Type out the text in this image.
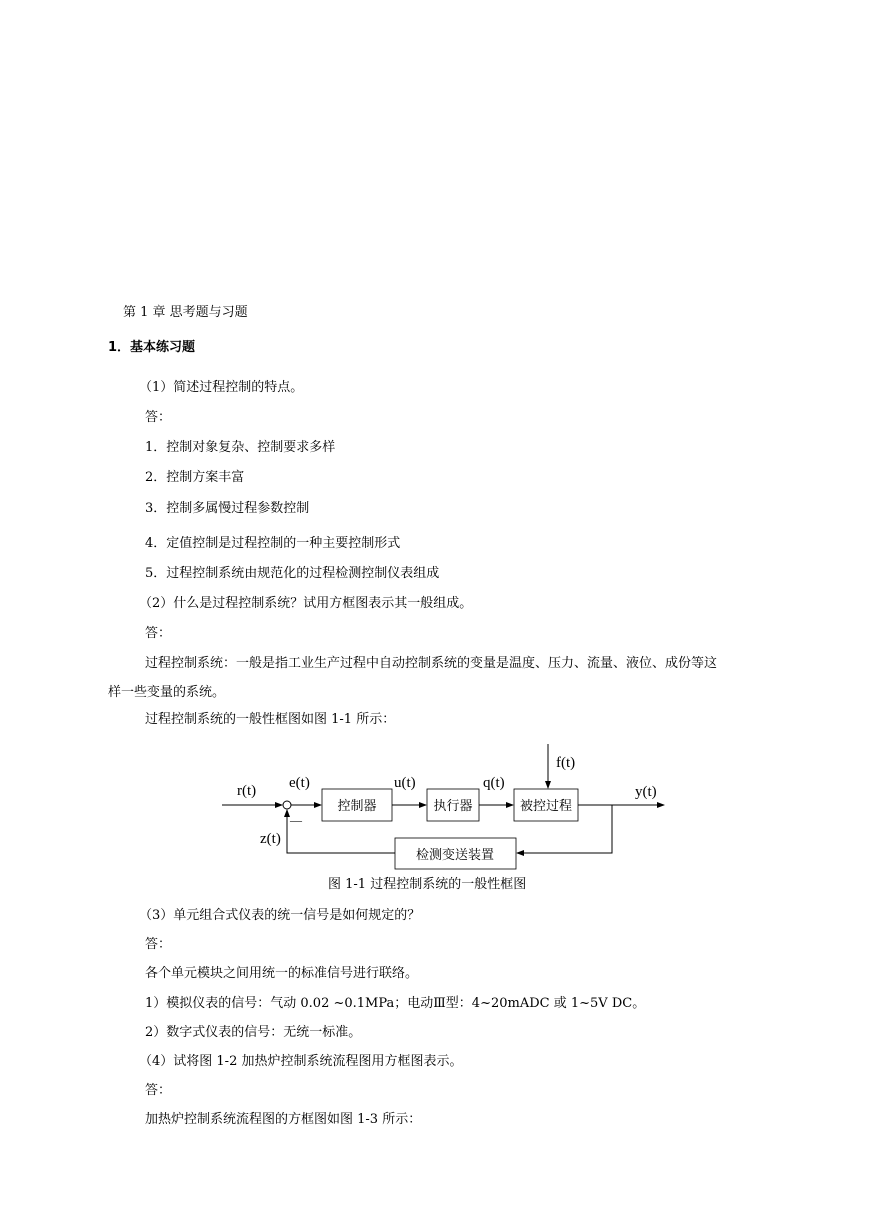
第 1 章 思考题与习题
1．基本练习题
（1）简述过程控制的特点。
答：
1．控制对象复杂、控制要求多样
2．控制方案丰富
3．控制多属慢过程参数控制
4．定值控制是过程控制的一种主要控制形式
5．过程控制系统由规范化的过程检测控制仪表组成
（2）什么是过程控制系统？试用方框图表示其一般组成。
答：
过程控制系统：一般是指工业生产过程中自动控制系统的变量是温度、压力、流量、液位、成份等这
样一些变量的系统。
过程控制系统的一般性框图如图 1-1 所示：
控制器	执行器	被控过程
检测变送装置
r(t) e(t)	u(t)	q(t)
f(t)
y(t)
z(t)
—
图 1-1 过程控制系统的一般性框图
（3）单元组合式仪表的统一信号是如何规定的？
答：
各个单元模块之间用统一的标准信号进行联络。
1）模拟仪表的信号：气动 0.02 ~0.1MPa；电动Ⅲ型：4~20mADC 或 1~5V DC。
2）数字式仪表的信号：无统一标准。
（4）试将图 1-2 加热炉控制系统流程图用方框图表示。
答：
加热炉控制系统流程图的方框图如图 1-3 所示：
